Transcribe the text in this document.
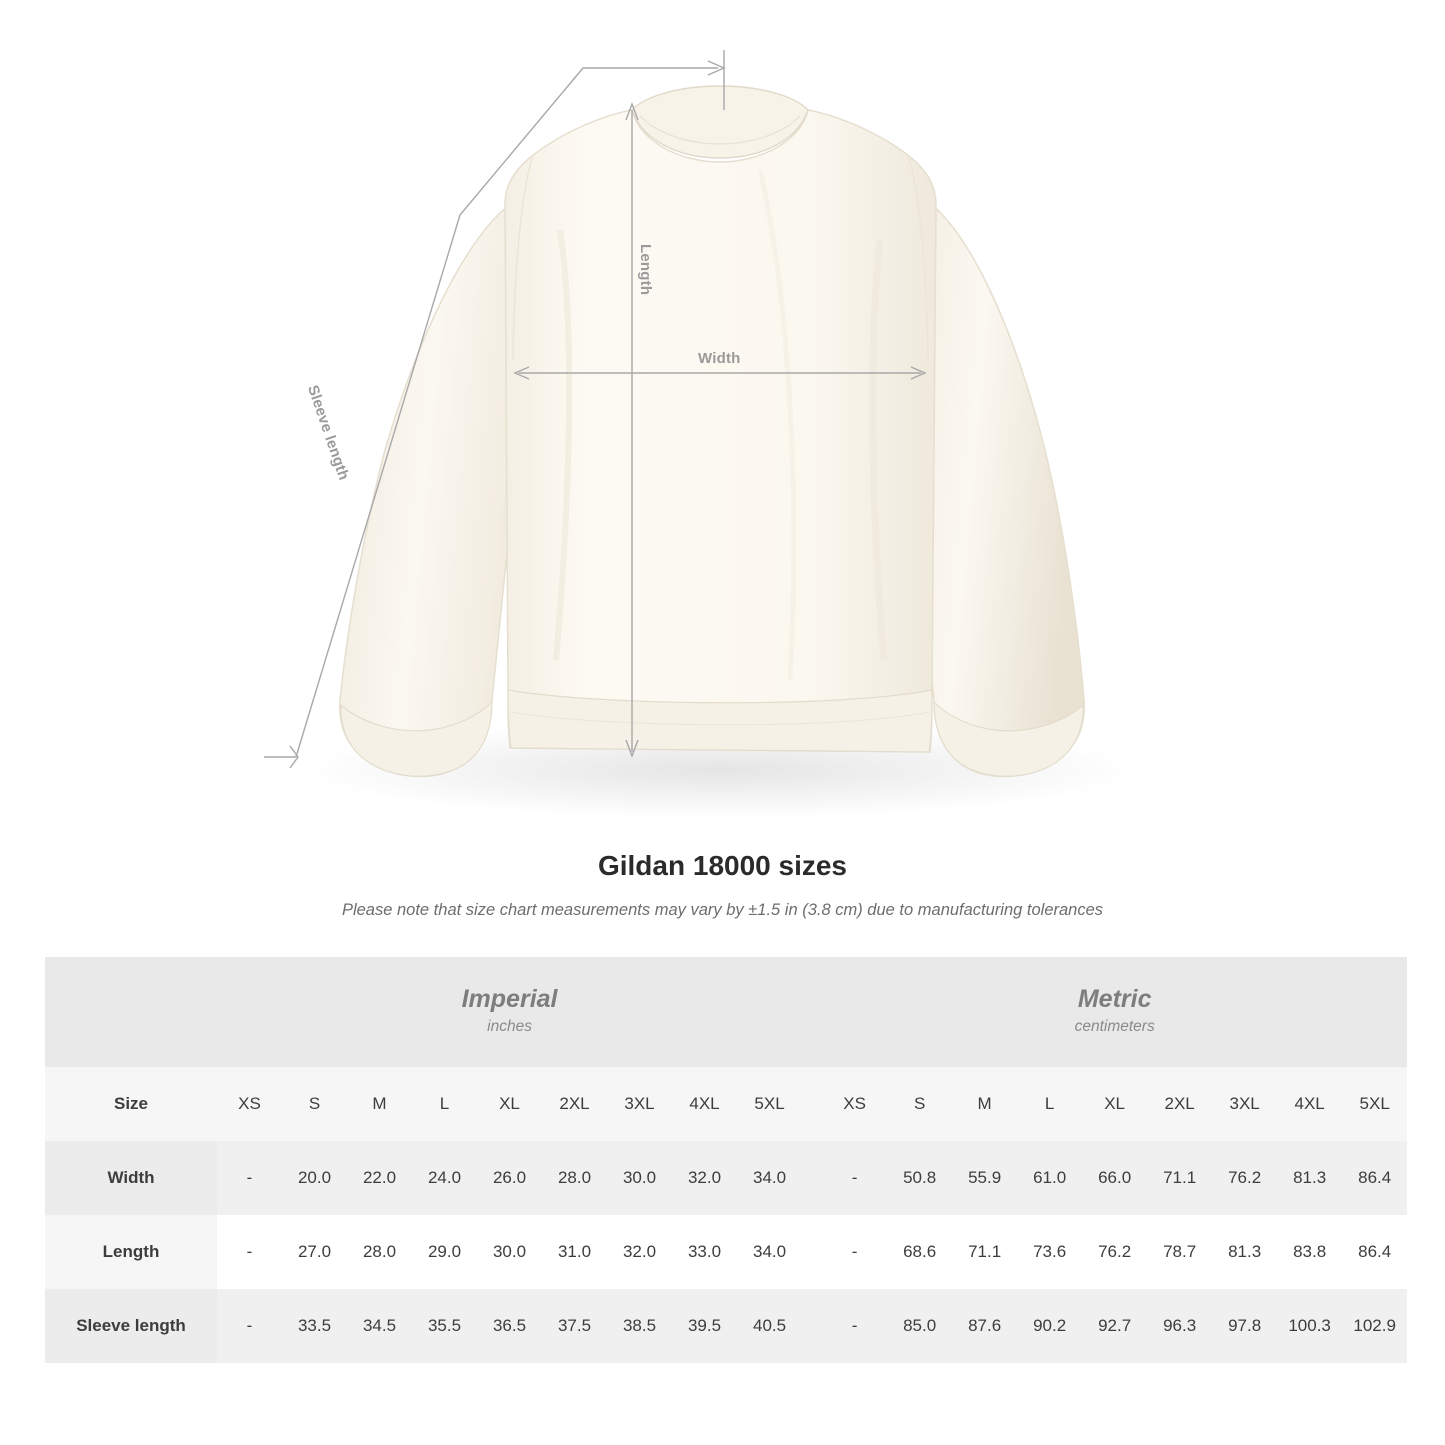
Width
Length
Sleeve length
Gildan 18000 sizes

Please note that size chart measurements may vary by ±1.5 in (3.8 cm) due to manufacturing tolerances

Imperial
inches

Metric
centimeters

Size	XS	S	M	L	XL	2XL	3XL	4XL	5XL		XS	S	M	L	XL	2XL	3XL	4XL	5XL
Width	-	20.0	22.0	24.0	26.0	28.0	30.0	32.0	34.0		-	50.8	55.9	61.0	66.0	71.1	76.2	81.3	86.4
Length	-	27.0	28.0	29.0	30.0	31.0	32.0	33.0	34.0		-	68.6	71.1	73.6	76.2	78.7	81.3	83.8	86.4
Sleeve length	-	33.5	34.5	35.5	36.5	37.5	38.5	39.5	40.5		-	85.0	87.6	90.2	92.7	96.3	97.8	100.3	102.9
